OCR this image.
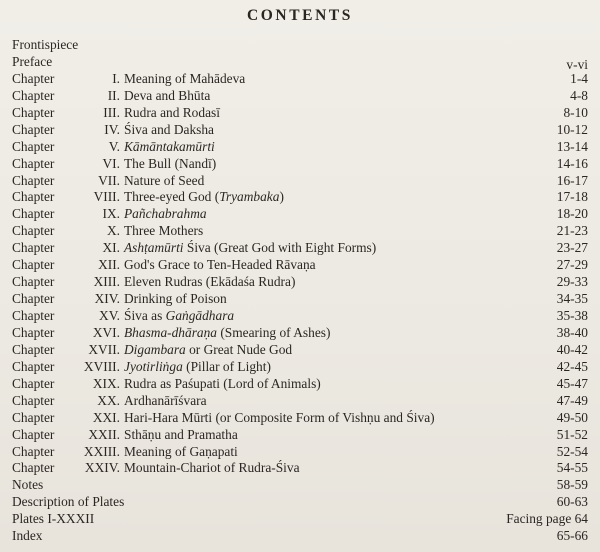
CONTENTS
Frontispiece
Preface	v-vi
Chapter	I. Meaning of Mahādeva	1-4
Chapter	II. Deva and Bhūta	4-8
Chapter	III. Rudra and Rodasī	8-10
Chapter	IV. Śiva and Daksha	10-12
Chapter	V. Kāmāntakamūrti	13-14
Chapter	VI. The Bull (Nandī)	14-16
Chapter	VII. Nature of Seed	16-17
Chapter	VIII. Three-eyed God (Tryambaka)	17-18
Chapter	IX. Pañchabrahma	18-20
Chapter	X. Three Mothers	21-23
Chapter	XI. Ashṭamūrti Śiva (Great God with Eight Forms)	23-27
Chapter	XII. God's Grace to Ten-Headed Rāvaṇa	27-29
Chapter	XIII. Eleven Rudras (Ekādaśa Rudra)	29-33
Chapter	XIV. Drinking of Poison	34-35
Chapter	XV. Śiva as Gaṅgādhara	35-38
Chapter	XVI. Bhasma-dhāraṇa (Smearing of Ashes)	38-40
Chapter	XVII. Digambara or Great Nude God	40-42
Chapter	XVIII. Jyotirliṅga (Pillar of Light)	42-45
Chapter	XIX. Rudra as Paśupati (Lord of Animals)	45-47
Chapter	XX. Ardhanārīśvara	47-49
Chapter	XXI. Hari-Hara Mūrti (or Composite Form of Vishṇu and Śiva)	49-50
Chapter	XXII. Sthāṇu and Pramatha	51-52
Chapter	XXIII. Meaning of Gaṇapati	52-54
Chapter	XXIV. Mountain-Chariot of Rudra-Śiva	54-55
Notes	58-59
Description of Plates	60-63
Plates I-XXXII	Facing page 64
Index	65-66
